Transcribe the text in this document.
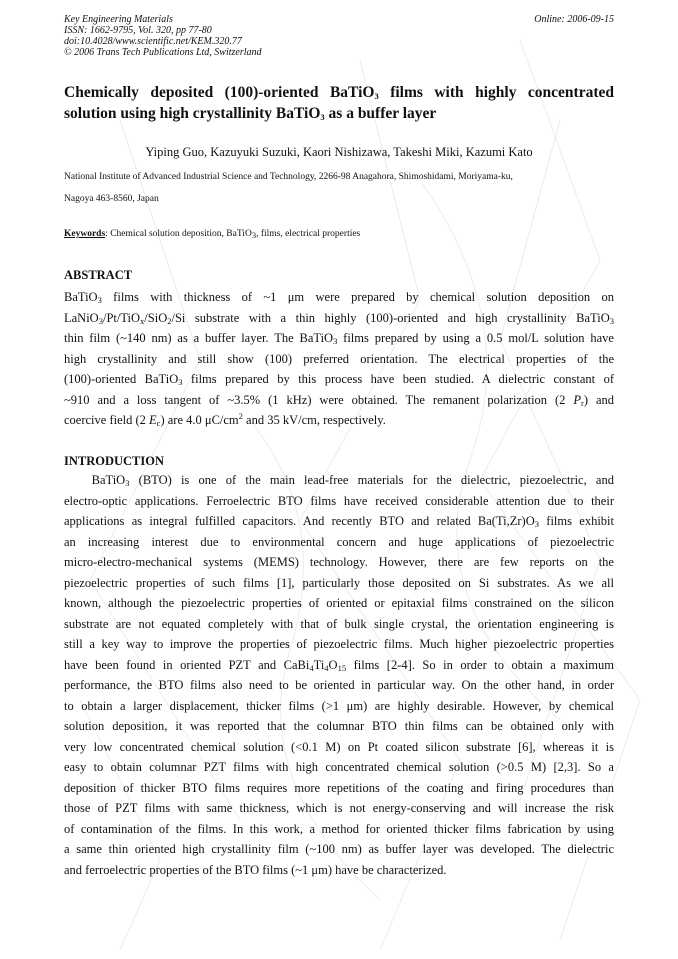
Key Engineering Materials
ISSN: 1662-9795, Vol. 320, pp 77-80
doi:10.4028/www.scientific.net/KEM.320.77
© 2006 Trans Tech Publications Ltd, Switzerland
Online: 2006-09-15
Chemically deposited (100)-oriented BaTiO$_3$ films with highly concentrated solution using high crystallinity BaTiO$_3$ as a buffer layer
Yiping Guo, Kazuyuki Suzuki, Kaori Nishizawa, Takeshi Miki, Kazumi Kato
National Institute of Advanced Industrial Science and Technology, 2266-98 Anagahora, Shimoshidami, Moriyama-ku,
Nagoya 463-8560, Japan
Keywords: Chemical solution deposition, BaTiO$_3$, films, electrical properties
ABSTRACT
BaTiO$_3$ films with thickness of ~1 μm were prepared by chemical solution deposition on
LaNiO$_3$/Pt/TiO$_x$/SiO$_2$/Si substrate with a thin highly (100)-oriented and high crystallinity BaTiO$_3$
thin film (~140 nm) as a buffer layer. The BaTiO$_3$ films prepared by using a 0.5 mol/L solution have
high crystallinity and still show (100) preferred orientation. The electrical properties of the
(100)-oriented BaTiO$_3$ films prepared by this process have been studied. A dielectric constant of
~910 and a loss tangent of ~3.5% (1 kHz) were obtained. The remanent polarization (2 $P_r$) and
coercive field (2 $E_c$) are 4.0 $\mu C/cm^2$ and 35 kV/cm, respectively.
INTRODUCTION
BaTiO$_3$ (BTO) is one of the main lead-free materials for the dielectric, piezoelectric, and
electro-optic applications. Ferroelectric BTO films have received considerable attention due to their
applications as integral fulfilled capacitors. And recently BTO and related $Ba(Ti,Zr)O_3$ films exhibit
an increasing interest due to environmental concern and huge applications of piezoelectric
micro-electro-mechanical systems (MEMS) technology. However, there are few reports on the
piezoelectric properties of such films [1], particularly those deposited on Si substrates. As we all
known, although the piezoelectric properties of oriented or epitaxial films constrained on the silicon
substrate are not equated completely with that of bulk single crystal, the orientation engineering is
still a key way to improve the properties of piezoelectric films. Much higher piezoelectric properties
have been found in oriented PZT and $CaBi_4Ti_4O_{15}$ films [2-4]. So in order to obtain a maximum
performance, the BTO films also need to be oriented in particular way. On the other hand, in order
to obtain a larger displacement, thicker films (>1 μm) are highly desirable. However, by chemical
solution deposition, it was reported that the columnar BTO thin films can be obtained only with
very low concentrated chemical solution (<0.1 M) on Pt coated silicon substrate [6], whereas it is
easy to obtain columnar PZT films with high concentrated chemical solution (>0.5 M) [2,3]. So a
deposition of thicker BTO films requires more repetitions of the coating and firing procedures than
those of PZT films with same thickness, which is not energy-conserving and will increase the risk
of contamination of the films. In this work, a method for oriented thicker films fabrication by using
a same thin oriented high crystallinity film (~100 nm) as buffer layer was developed. The dielectric
and ferroelectric properties of the BTO films (~1 μm) have be characterized.
